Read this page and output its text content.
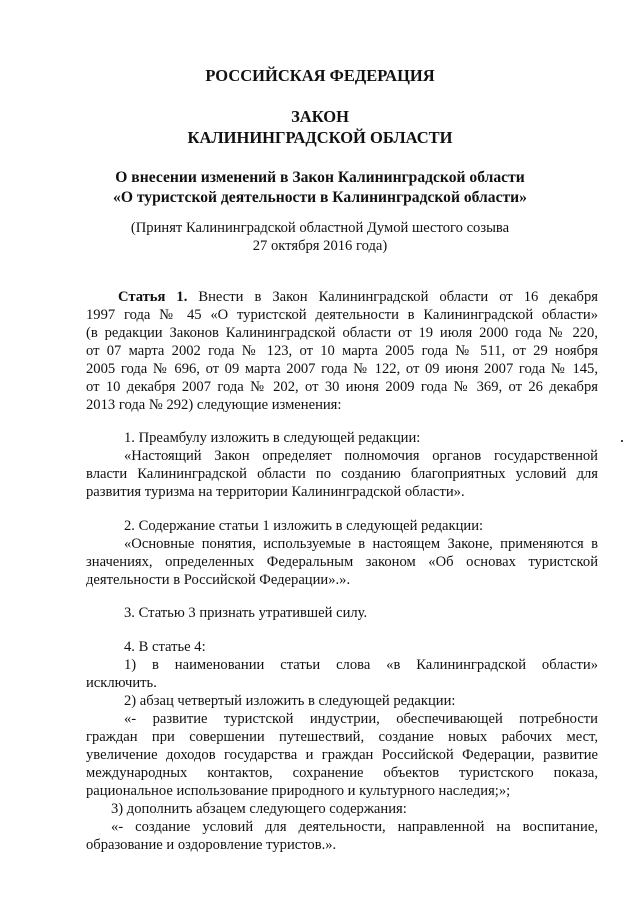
РОССИЙСКАЯ ФЕДЕРАЦИЯ
ЗАКОН
КАЛИНИНГРАДСКОЙ ОБЛАСТИ
О внесении изменений в Закон Калининградской области
«О туристской деятельности в Калининградской области»
(Принят Калининградской областной Думой шестого созыва
27 октября 2016 года)
Статья 1. Внести в Закон Калининградской области от 16 декабря
1997 года № 45 «О туристской деятельности в Калининградской области»
(в редакции Законов Калининградской области от 19 июля 2000 года № 220,
от 07 марта 2002 года № 123, от 10 марта 2005 года № 511, от 29 ноября
2005 года № 696, от 09 марта 2007 года № 122, от 09 июня 2007 года № 145,
от 10 декабря 2007 года № 202, от 30 июня 2009 года № 369, от 26 декабря
2013 года № 292) следующие изменения:
1. Преамбулу изложить в следующей редакции:
«Настоящий Закон определяет полномочия органов государственной
власти Калининградской области по созданию благоприятных условий для
развития туризма на территории Калининградской области».
2. Содержание статьи 1 изложить в следующей редакции:
«Основные понятия, используемые в настоящем Законе, применяются в
значениях, определенных Федеральным законом «Об основах туристской
деятельности в Российской Федерации».».
3. Статью 3 признать утратившей силу.
4. В статье 4:
1) в наименовании статьи слова «в Калининградской области»
исключить.
2) абзац четвертый изложить в следующей редакции:
«- развитие туристской индустрии, обеспечивающей потребности
граждан при совершении путешествий, создание новых рабочих мест,
увеличение доходов государства и граждан Российской Федерации, развитие
международных контактов, сохранение объектов туристского показа,
рациональное использование природного и культурного наследия;»;
3) дополнить абзацем следующего содержания:
«- создание условий для деятельности, направленной на воспитание,
образование и оздоровление туристов.».
